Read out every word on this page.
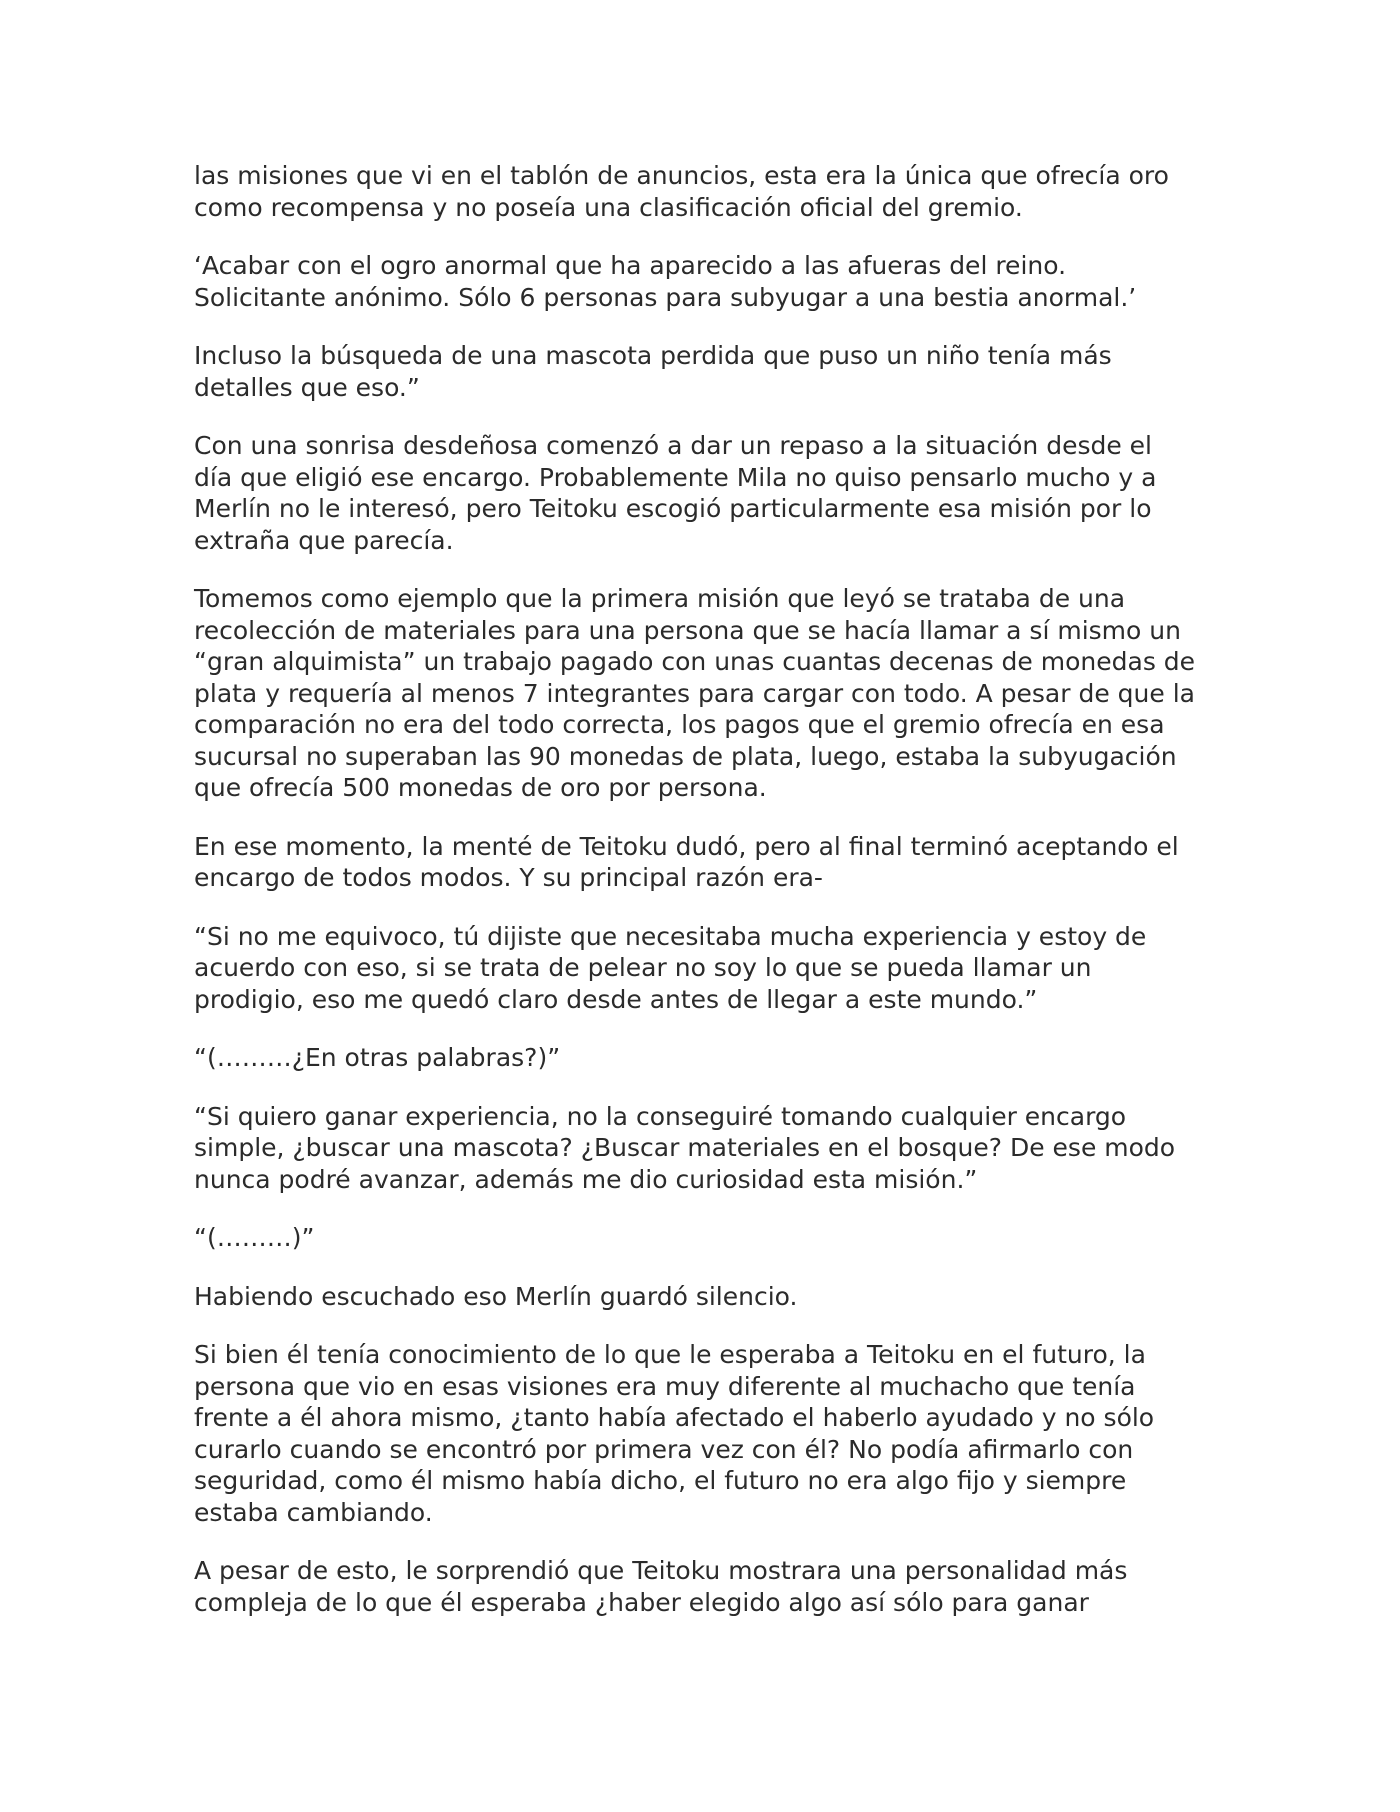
las misiones que vi en el tablón de anuncios, esta era la única que ofrecía oro
como recompensa y no poseía una clasificación oficial del gremio.

‘Acabar con el ogro anormal que ha aparecido a las afueras del reino.
Solicitante anónimo. Sólo 6 personas para subyugar a una bestia anormal.’

Incluso la búsqueda de una mascota perdida que puso un niño tenía más
detalles que eso.”

Con una sonrisa desdeñosa comenzó a dar un repaso a la situación desde el
día que eligió ese encargo. Probablemente Mila no quiso pensarlo mucho y a
Merlín no le interesó, pero Teitoku escogió particularmente esa misión por lo
extraña que parecía.

Tomemos como ejemplo que la primera misión que leyó se trataba de una
recolección de materiales para una persona que se hacía llamar a sí mismo un
“gran alquimista” un trabajo pagado con unas cuantas decenas de monedas de
plata y requería al menos 7 integrantes para cargar con todo. A pesar de que la
comparación no era del todo correcta, los pagos que el gremio ofrecía en esa
sucursal no superaban las 90 monedas de plata, luego, estaba la subyugación
que ofrecía 500 monedas de oro por persona.

En ese momento, la menté de Teitoku dudó, pero al final terminó aceptando el
encargo de todos modos. Y su principal razón era-

“Si no me equivoco, tú dijiste que necesitaba mucha experiencia y estoy de
acuerdo con eso, si se trata de pelear no soy lo que se pueda llamar un
prodigio, eso me quedó claro desde antes de llegar a este mundo.”

“(………¿En otras palabras?)”

“Si quiero ganar experiencia, no la conseguiré tomando cualquier encargo
simple, ¿buscar una mascota? ¿Buscar materiales en el bosque? De ese modo
nunca podré avanzar, además me dio curiosidad esta misión.”

“(………)”

Habiendo escuchado eso Merlín guardó silencio.

Si bien él tenía conocimiento de lo que le esperaba a Teitoku en el futuro, la
persona que vio en esas visiones era muy diferente al muchacho que tenía
frente a él ahora mismo, ¿tanto había afectado el haberlo ayudado y no sólo
curarlo cuando se encontró por primera vez con él? No podía afirmarlo con
seguridad, como él mismo había dicho, el futuro no era algo fijo y siempre
estaba cambiando.

A pesar de esto, le sorprendió que Teitoku mostrara una personalidad más
compleja de lo que él esperaba ¿haber elegido algo así sólo para ganar
